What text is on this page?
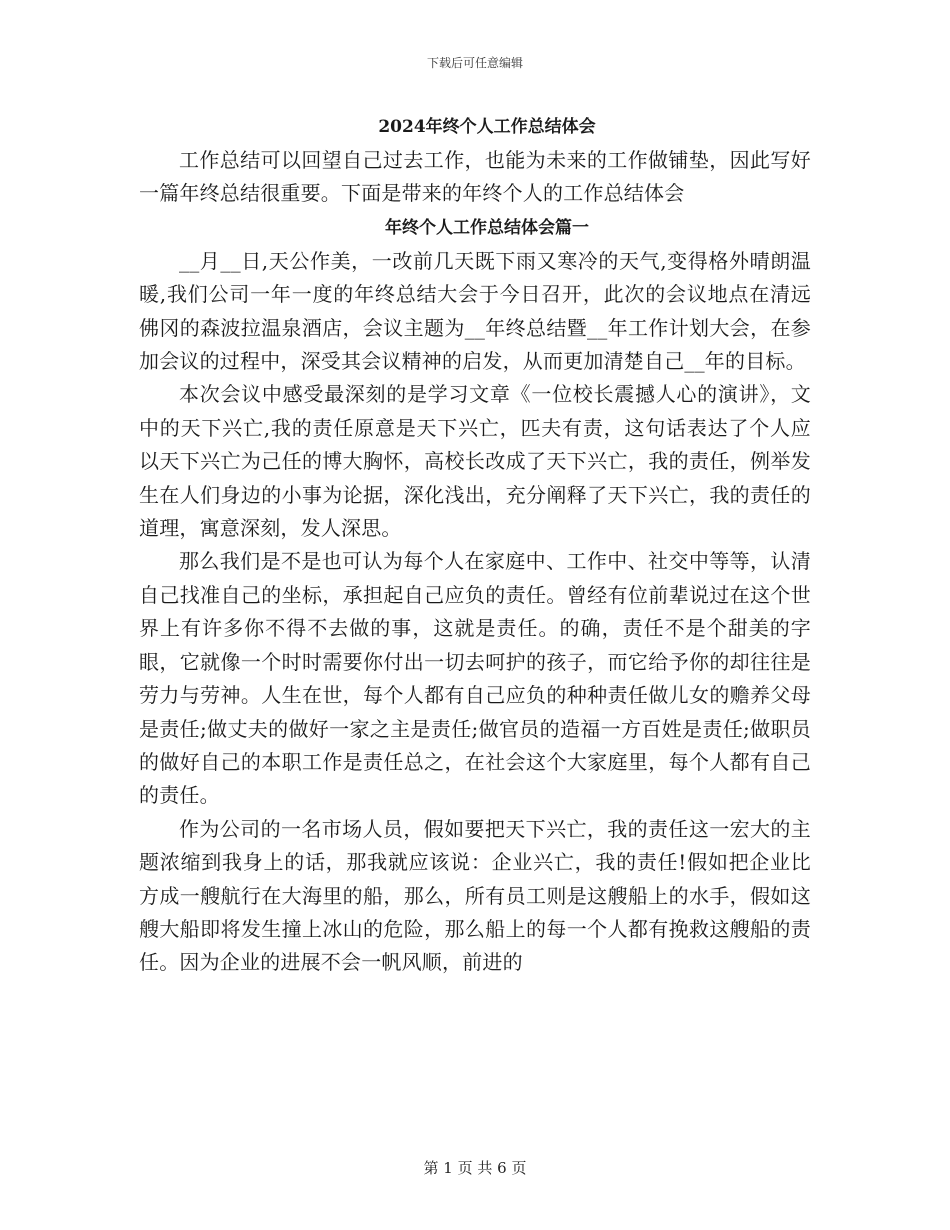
下载后可任意编辑
2024年终个人工作总结体会

工作总结可以回望自己过去工作，也能为未来的工作做铺垫，因此写好一篇年终总结很重要。下面是带来的年终个人的工作总结体会

年终个人工作总结体会篇一

__月__日,天公作美，一改前几天既下雨又寒冷的天气,变得格外晴朗温暖,我们公司一年一度的年终总结大会于今日召开，此次的会议地点在清远佛冈的森波拉温泉酒店，会议主题为__年终总结暨__年工作计划大会，在参加会议的过程中，深受其会议精神的启发，从而更加清楚自己__年的目标。

本次会议中感受最深刻的是学习文章《一位校长震撼人心的演讲》，文中的天下兴亡,我的责任原意是天下兴亡，匹夫有责，这句话表达了个人应以天下兴亡为己任的博大胸怀，高校长改成了天下兴亡，我的责任，例举发生在人们身边的小事为论据，深化浅出，充分阐释了天下兴亡，我的责任的道理，寓意深刻，发人深思。

那么我们是不是也可认为每个人在家庭中、工作中、社交中等等，认清自己找准自己的坐标，承担起自己应负的责任。曾经有位前辈说过在这个世界上有许多你不得不去做的事，这就是责任。的确，责任不是个甜美的字眼，它就像一个时时需要你付出一切去呵护的孩子，而它给予你的却往往是劳力与劳神。人生在世，每个人都有自己应负的种种责任做儿女的赡养父母是责任;做丈夫的做好一家之主是责任;做官员的造福一方百姓是责任;做职员的做好自己的本职工作是责任总之，在社会这个大家庭里，每个人都有自己的责任。

作为公司的一名市场人员，假如要把天下兴亡，我的责任这一宏大的主题浓缩到我身上的话，那我就应该说：企业兴亡，我的责任!假如把企业比方成一艘航行在大海里的船，那么，所有员工则是这艘船上的水手，假如这艘大船即将发生撞上冰山的危险，那么船上的每一个人都有挽救这艘船的责任。因为企业的进展不会一帆风顺，前进的

第 1 页 共 6 页
